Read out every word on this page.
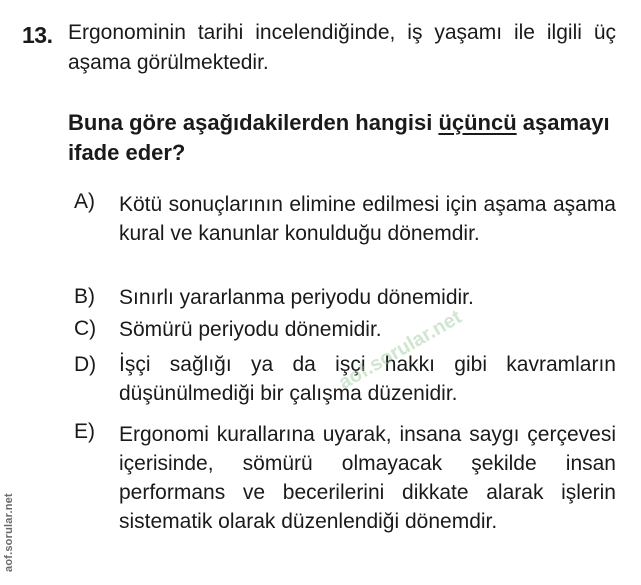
13. Ergonominin tarihi incelendiğinde, iş yaşamı ile ilgili üç aşama görülmektedir.
Buna göre aşağıdakilerden hangisi üçüncü aşamayı ifade eder?
A) Kötü sonuçlarının elimine edilmesi için aşama aşama kural ve kanunlar konulduğu dönemdir.
B) Sınırlı yararlanma periyodu dönemidir.
C) Sömürü periyodu dönemidir.
D) İşçi sağlığı ya da işçi hakkı gibi kavramların düşünülmediği bir çalışma düzenidir.
E) Ergonomi kurallarına uyarak, insana saygı çerçevesi içerisinde, sömürü olmayacak şekilde insan performans ve becerilerini dikkate alarak işlerin sistematik olarak düzenlendiği dönemdir.
aof.sorular.net
aof.sorular.net
